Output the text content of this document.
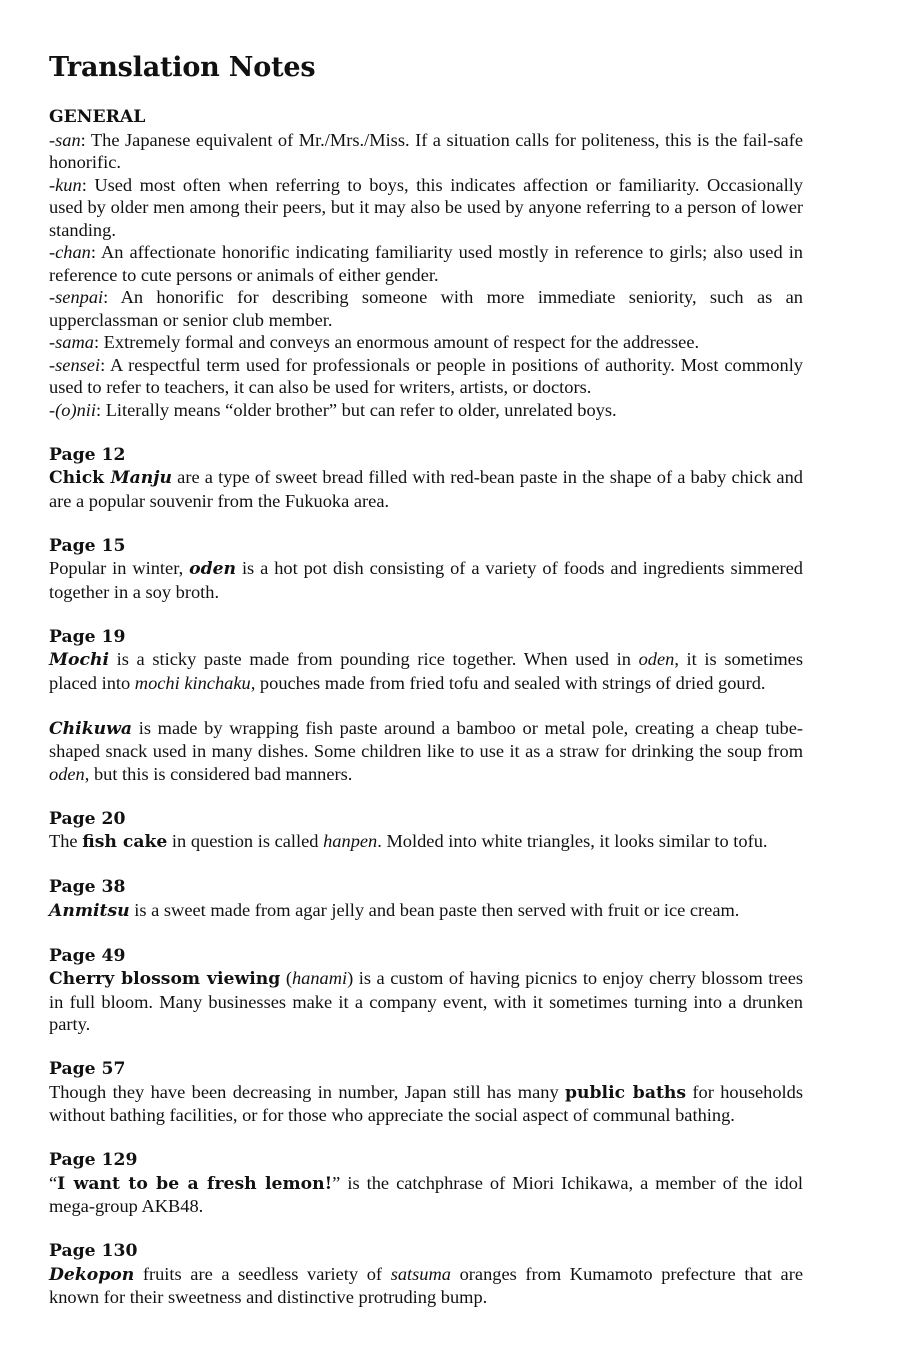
Translation Notes

GENERAL

-san: The Japanese equivalent of Mr./Mrs./Miss. If a situation calls for politeness, this is the fail-safe honorific.

-kun: Used most often when referring to boys, this indicates affection or familiarity. Occasionally used by older men among their peers, but it may also be used by anyone referring to a person of lower standing.

-chan: An affectionate honorific indicating familiarity used mostly in reference to girls; also used in reference to cute persons or animals of either gender.

-senpai: An honorific for describing someone with more immediate seniority, such as an upperclassman or senior club member.

-sama: Extremely formal and conveys an enormous amount of respect for the addressee.

-sensei: A respectful term used for professionals or people in positions of authority. Most commonly used to refer to teachers, it can also be used for writers, artists, or doctors.

-(o)nii: Literally means “older brother” but can refer to older, unrelated boys.

Page 12

Chick Manju are a type of sweet bread filled with red-bean paste in the shape of a baby chick and are a popular souvenir from the Fukuoka area.

Page 15

Popular in winter, oden is a hot pot dish consisting of a variety of foods and ingredients simmered together in a soy broth.

Page 19

Mochi is a sticky paste made from pounding rice together. When used in oden, it is sometimes placed into mochi kinchaku, pouches made from fried tofu and sealed with strings of dried gourd.

Chikuwa is made by wrapping fish paste around a bamboo or metal pole, creating a cheap tube-shaped snack used in many dishes. Some children like to use it as a straw for drinking the soup from oden, but this is considered bad manners.

Page 20

The fish cake in question is called hanpen. Molded into white triangles, it looks similar to tofu.

Page 38

Anmitsu is a sweet made from agar jelly and bean paste then served with fruit or ice cream.

Page 49

Cherry blossom viewing (hanami) is a custom of having picnics to enjoy cherry blossom trees in full bloom. Many businesses make it a company event, with it sometimes turning into a drunken party.

Page 57

Though they have been decreasing in number, Japan still has many public baths for households without bathing facilities, or for those who appreciate the social aspect of communal bathing.

Page 129

“I want to be a fresh lemon!” is the catchphrase of Miori Ichikawa, a member of the idol mega-group AKB48.

Page 130

Dekopon fruits are a seedless variety of satsuma oranges from Kumamoto prefecture that are known for their sweetness and distinctive protruding bump.
